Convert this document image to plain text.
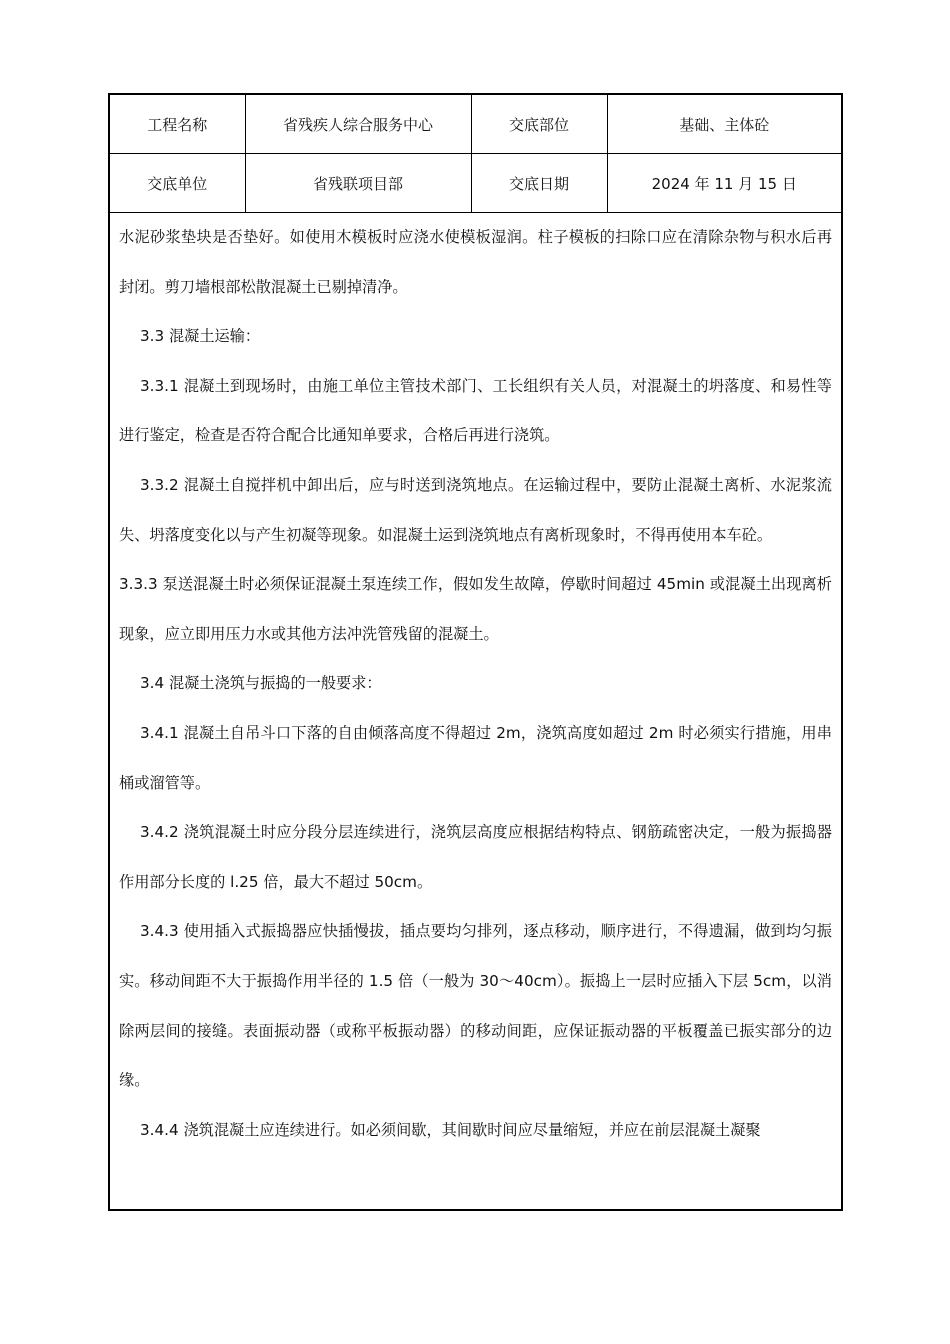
工程名称	省残疾人综合服务中心	交底部位	基础、主体砼
交底单位	省残联项目部	交底日期	2024 年 11 月 15 日

水泥砂浆垫块是否垫好。如使用木模板时应浇水使模板湿润。柱子模板的扫除口应在清除杂物与积水后再封闭。剪刀墙根部松散混凝土已剔掉清净。

3.3 混凝土运输：

3.3.1 混凝土到现场时，由施工单位主管技术部门、工长组织有关人员，对混凝土的坍落度、和易性等进行鉴定，检查是否符合配合比通知单要求，合格后再进行浇筑。

3.3.2 混凝土自搅拌机中卸出后，应与时送到浇筑地点。在运输过程中，要防止混凝土离析、水泥浆流失、坍落度变化以与产生初凝等现象。如混凝土运到浇筑地点有离析现象时，不得再使用本车砼。

3.3.3 泵送混凝土时必须保证混凝土泵连续工作，假如发生故障，停歇时间超过 45min 或混凝土出现离析现象，应立即用压力水或其他方法冲洗管残留的混凝土。

3.4 混凝土浇筑与振捣的一般要求：

3.4.1 混凝土自吊斗口下落的自由倾落高度不得超过 2m，浇筑高度如超过 2m 时必须实行措施，用串桶或溜管等。

3.4.2 浇筑混凝土时应分段分层连续进行，浇筑层高度应根据结构特点、钢筋疏密决定，一般为振捣器作用部分长度的 l.25 倍，最大不超过 50cm。

3.4.3 使用插入式振捣器应快插慢拔，插点要均匀排列，逐点移动，顺序进行，不得遗漏，做到均匀振实。移动间距不大于振捣作用半径的 1.5 倍（一般为 30～40cm）。振捣上一层时应插入下层 5cm，以消除两层间的接缝。表面振动器（或称平板振动器）的移动间距，应保证振动器的平板覆盖已振实部分的边缘。

3.4.4 浇筑混凝土应连续进行。如必须间歇，其间歇时间应尽量缩短，并应在前层混凝土凝聚
